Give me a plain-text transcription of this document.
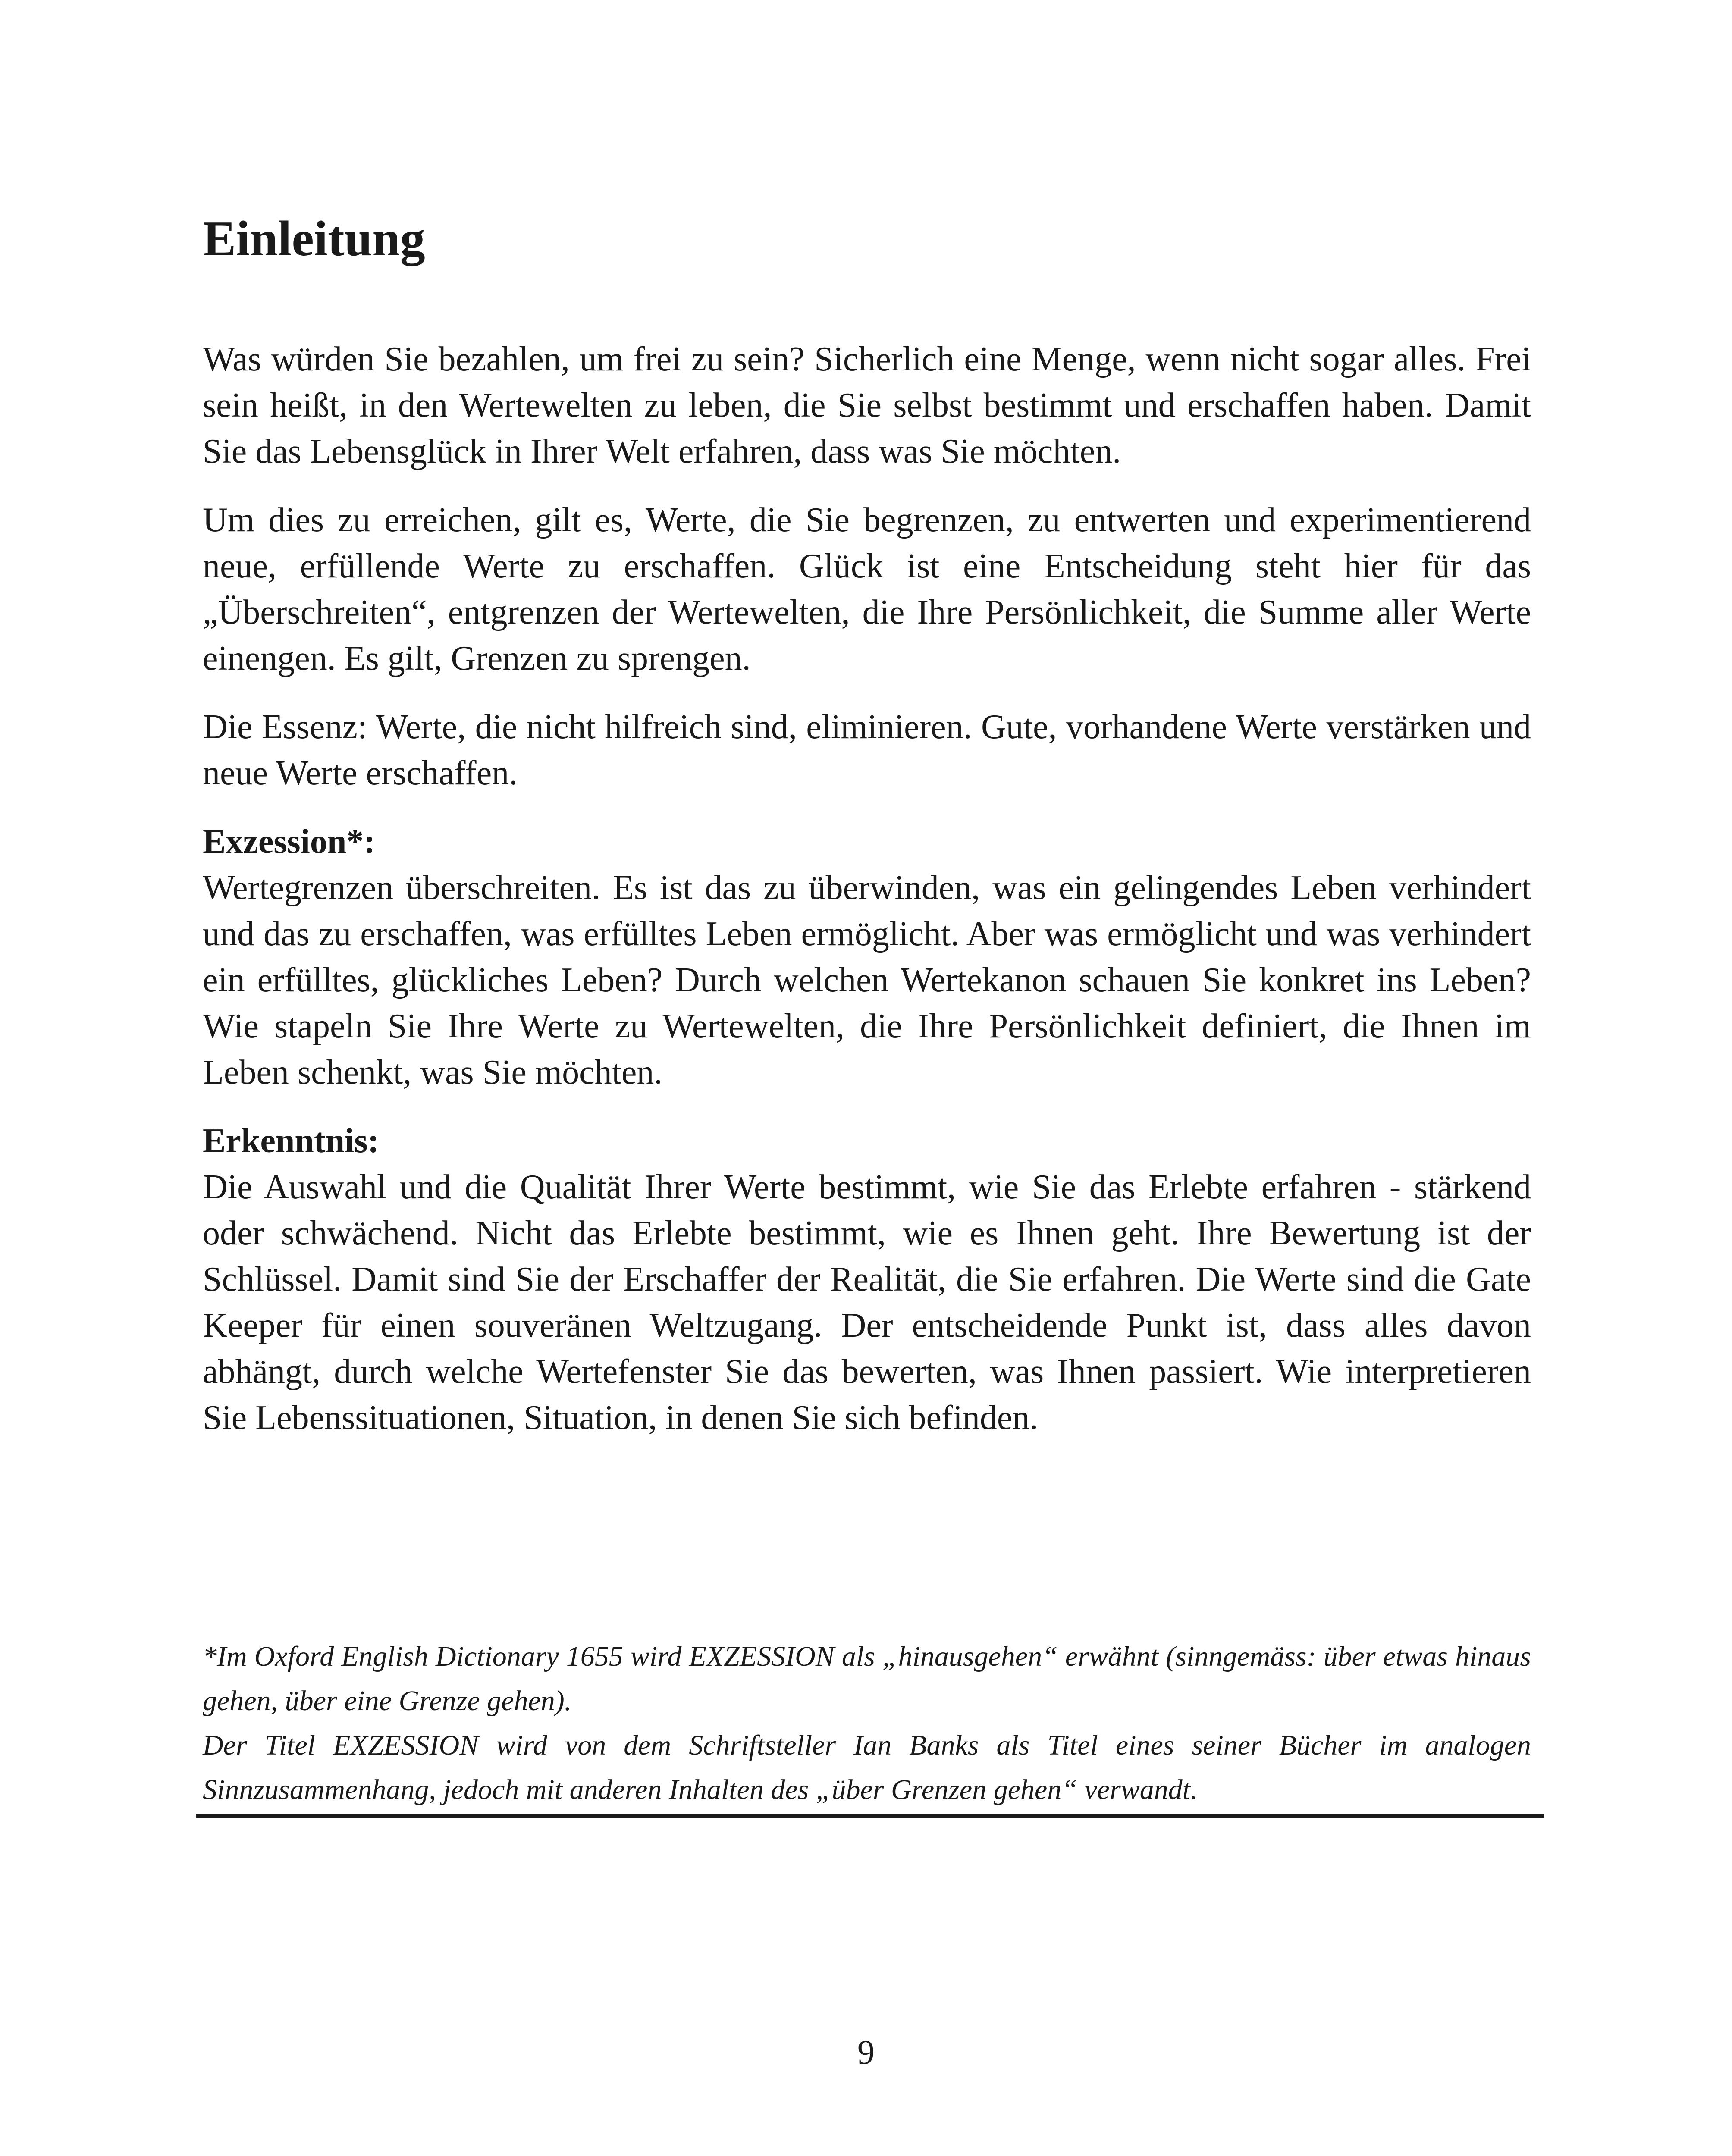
Einleitung

Was würden Sie bezahlen, um frei zu sein? Sicherlich eine Menge, wenn nicht sogar alles. Frei sein heißt, in den Wertewelten zu leben, die Sie selbst bestimmt und erschaffen haben. Damit Sie das Lebensglück in Ihrer Welt erfahren, dass was Sie möchten.

Um dies zu erreichen, gilt es, Werte, die Sie begrenzen, zu entwerten und experimentierend neue, erfüllende Werte zu erschaffen. Glück ist eine Entscheidung steht hier für das „Überschreiten“, entgrenzen der Wertewelten, die Ihre Persönlichkeit, die Summe aller Werte einengen. Es gilt, Grenzen zu sprengen.

Die Essenz: Werte, die nicht hilfreich sind, eliminieren. Gute, vorhandene Werte verstärken und neue Werte erschaffen.

Exzession*:

Wertegrenzen überschreiten. Es ist das zu überwinden, was ein gelingendes Leben verhindert und das zu erschaffen, was erfülltes Leben ermöglicht. Aber was ermöglicht und was verhindert ein erfülltes, glückliches Leben? Durch welchen Wertekanon schauen Sie konkret ins Leben? Wie stapeln Sie Ihre Werte zu Wertewelten, die Ihre Persönlichkeit definiert, die Ihnen im Leben schenkt, was Sie möchten.

Erkenntnis:

Die Auswahl und die Qualität Ihrer Werte bestimmt, wie Sie das Erlebte erfahren - stärkend oder schwächend. Nicht das Erlebte bestimmt, wie es Ihnen geht. Ihre Bewertung ist der Schlüssel. Damit sind Sie der Erschaffer der Realität, die Sie erfahren. Die Werte sind die Gate Keeper für einen souveränen Weltzugang. Der entscheidende Punkt ist, dass alles davon abhängt, durch welche Wertefenster Sie das bewerten, was Ihnen passiert. Wie interpretieren Sie Lebenssituationen, Situation, in denen Sie sich befinden.

*Im Oxford English Dictionary 1655 wird EXZESSION als „hinausgehen“ erwähnt (sinngemäss: über etwas hinaus gehen, über eine Grenze gehen).

Der Titel EXZESSION wird von dem Schriftsteller Ian Banks als Titel eines seiner Bücher im analogen Sinnzusammenhang, jedoch mit anderen Inhalten des „über Grenzen gehen“ verwandt.

9
